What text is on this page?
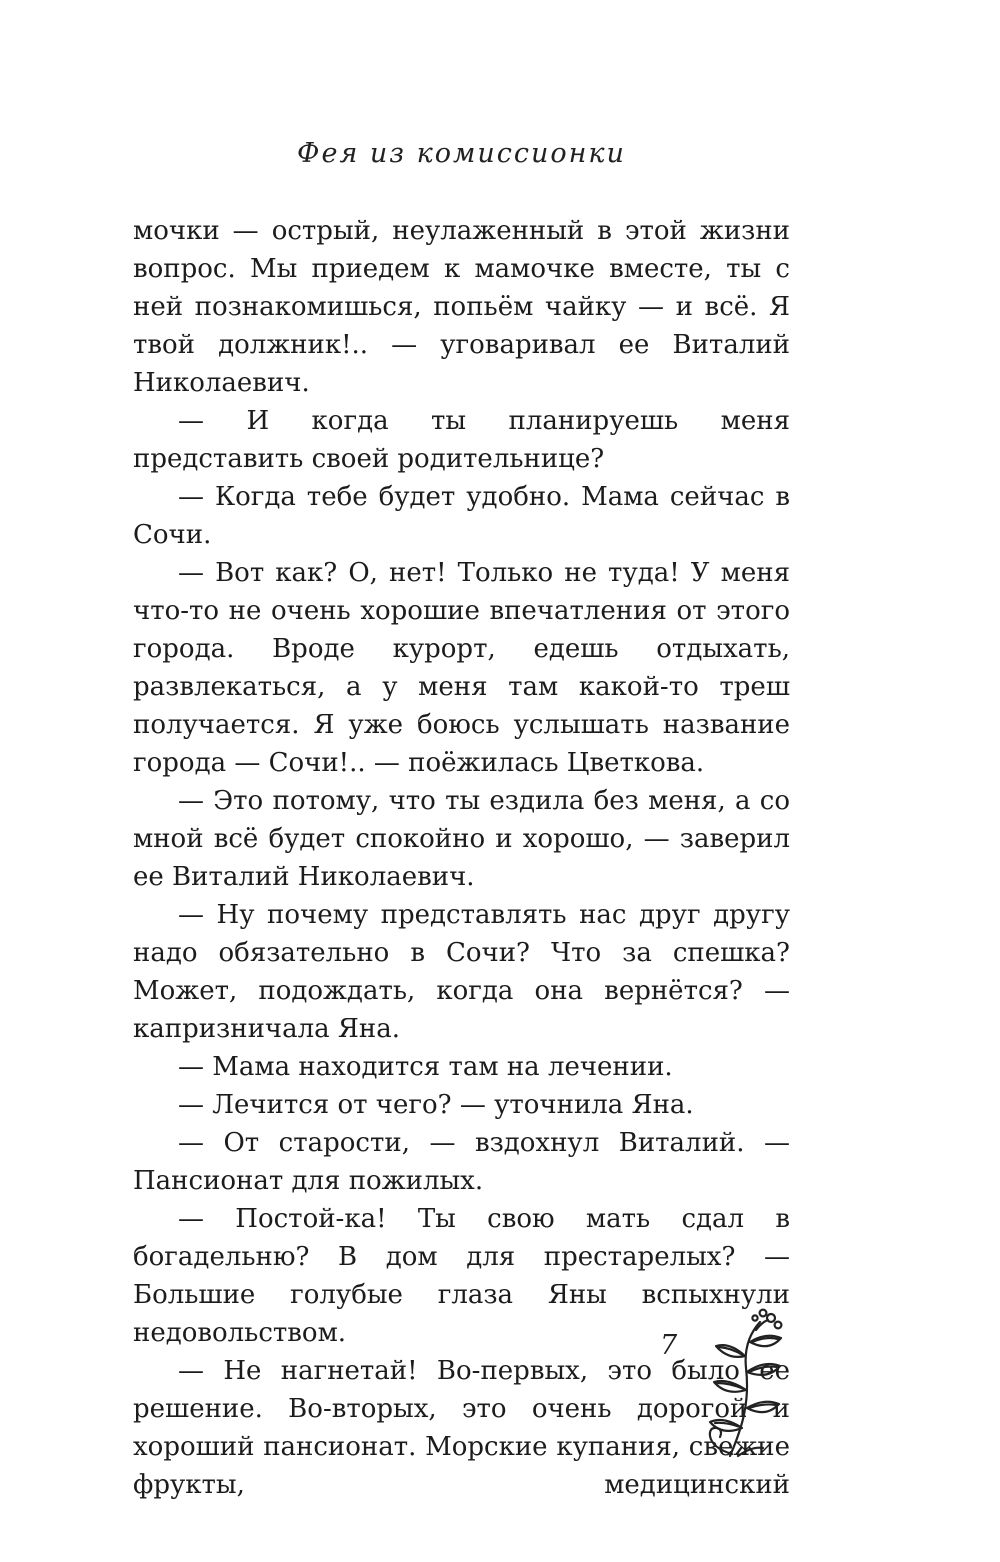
Фея из комиссионки

мочки — острый, неулаженный в этой жизни вопрос. Мы приедем к мамочке вместе, ты с ней познакомишься, попьём чайку — и всё. Я твой должник!.. — уговаривал ее Виталий Николаевич.

— И когда ты планируешь меня представить своей родительнице?

— Когда тебе будет удобно. Мама сейчас в Сочи.

— Вот как? О, нет! Только не туда! У меня что-то не очень хорошие впечатления от этого города. Вроде курорт, едешь отдыхать, развлекаться, а у меня там какой-то треш получается. Я уже боюсь услышать название города — Сочи!.. — поёжилась Цветкова.

— Это потому, что ты ездила без меня, а со мной всё будет спокойно и хорошо, — заверил ее Виталий Николаевич.

— Ну почему представлять нас друг другу надо обязательно в Сочи? Что за спешка? Может, подождать, когда она вернётся? — капризничала Яна.

— Мама находится там на лечении.

— Лечится от чего? — уточнила Яна.

— От старости, — вздохнул Виталий. — Пансионат для пожилых.

— Постой-ка! Ты свою мать сдал в богадельню? В дом для престарелых? — Большие голубые глаза Яны вспыхнули недовольством.

— Не нагнетай! Во-первых, это было ее решение. Во-вторых, это очень дорогой и хороший пансионат. Морские купания, свежие фрукты, медицинский

7
